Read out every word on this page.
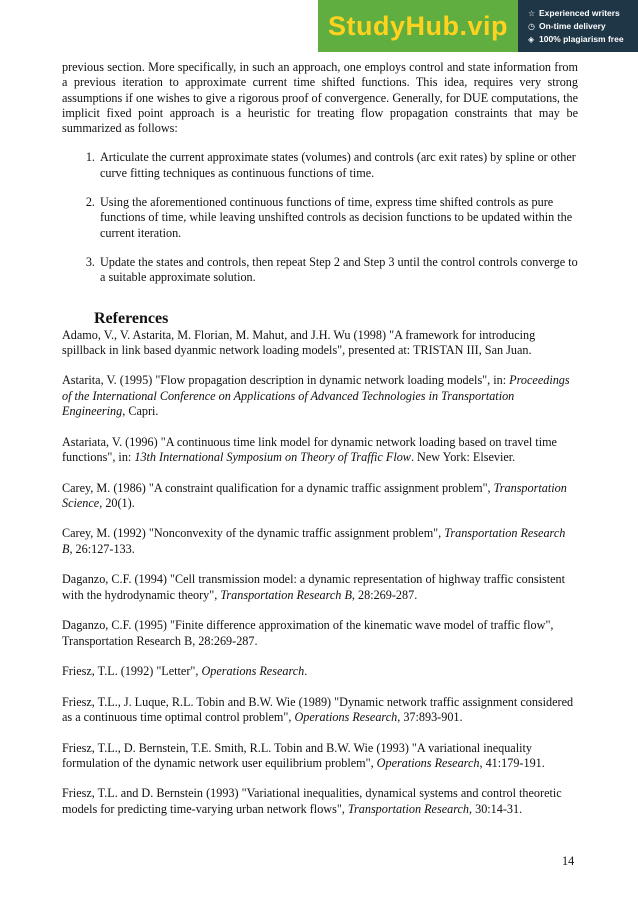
StudyHub.vip	☆ Experienced writers
◷ On-time delivery
◈ 100% plagiarism free

previous section. More specifically, in such an approach, one employs control and state information from a previous iteration to approximate current time shifted functions. This idea, requires very strong assumptions if one wishes to give a rigorous proof of convergence. Generally, for DUE computations, the implicit fixed point approach is a heuristic for treating flow propagation constraints that may be summarized as follows:

1. Articulate the current approximate states (volumes) and controls (arc exit rates) by spline or other curve fitting techniques as continuous functions of time.
2. Using the aforementioned continuous functions of time, express time shifted controls as pure functions of time, while leaving unshifted controls as decision functions to be updated within the current iteration.
3. Update the states and controls, then repeat Step 2 and Step 3 until the control controls converge to a suitable approximate solution.
References

Adamo, V., V. Astarita, M. Florian, M. Mahut, and J.H. Wu (1998) "A framework for introducing spillback in link based dyanmic network loading models", presented at: TRISTAN III, San Juan.

Astarita, V. (1995) "Flow propagation description in dynamic network loading models", in: Proceedings of the International Conference on Applications of Advanced Technologies in Transportation Engineering, Capri.

Astariata, V. (1996) "A continuous time link model for dynamic network loading based on travel time functions", in: 13th International Symposium on Theory of Traffic Flow. New York: Elsevier.

Carey, M. (1986) "A constraint qualification for a dynamic traffic assignment problem", Transportation Science, 20(1).

Carey, M. (1992) "Nonconvexity of the dynamic traffic assignment problem", Transportation Research B, 26:127-133.

Daganzo, C.F. (1994) "Cell transmission model: a dynamic representation of highway traffic consistent with the hydrodynamic theory", Transportation Research B, 28:269-287.

Daganzo, C.F. (1995) "Finite difference approximation of the kinematic wave model of traffic flow", Transportation Research B, 28:269-287.

Friesz, T.L. (1992) "Letter", Operations Research.

Friesz, T.L., J. Luque, R.L. Tobin and B.W. Wie (1989) "Dynamic network traffic assignment considered as a continuous time optimal control problem", Operations Research, 37:893-901.

Friesz, T.L., D. Bernstein, T.E. Smith, R.L. Tobin and B.W. Wie (1993) "A variational inequality formulation of the dynamic network user equilibrium problem", Operations Research, 41:179-191.

Friesz, T.L. and D. Bernstein (1993) "Variational inequalities, dynamical systems and control theoretic models for predicting time-varying urban network flows", Transportation Research, 30:14-31.

14
